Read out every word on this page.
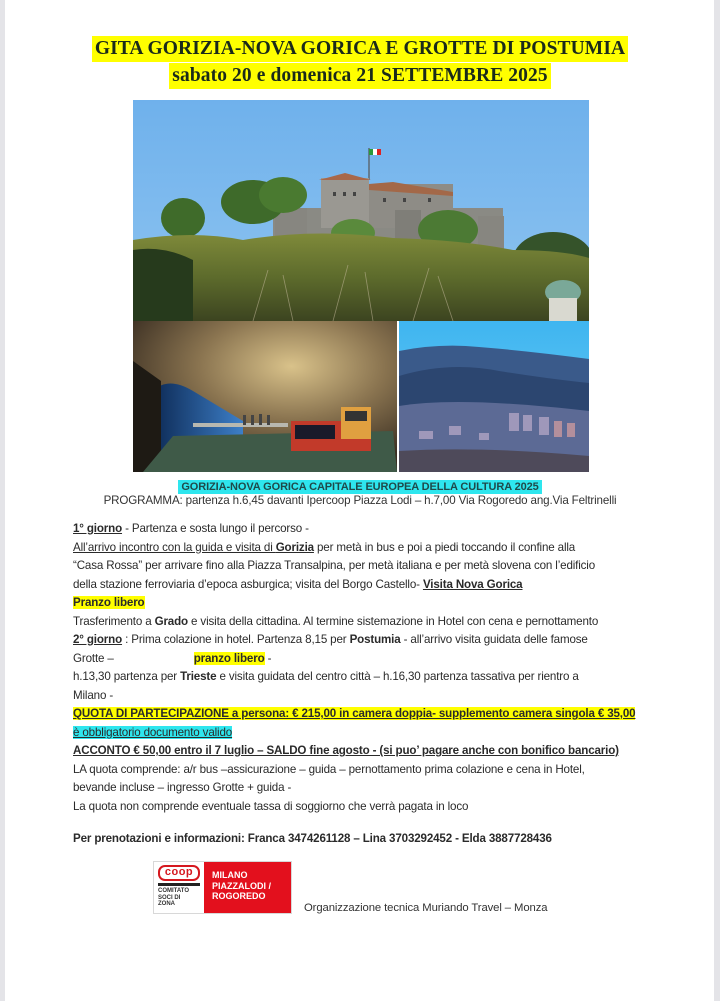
GITA GORIZIA-NOVA GORICA E GROTTE DI POSTUMIA
sabato 20 e domenica 21 SETTEMBRE 2025
GORIZIA-NOVA GORICA CAPITALE EUROPEA DELLA CULTURA 2025
PROGRAMMA: partenza h.6,45 davanti Ipercoop Piazza Lodi – h.7,00 Via Rogoredo ang.Via Feltrinelli

1° giorno - Partenza e sosta lungo il percorso -

All’arrivo incontro con la guida e visita di Gorizia per metà in bus e poi a piedi toccando il confine alla

“Casa Rossa” per arrivare fino alla Piazza Transalpina, per metà italiana e per metà slovena con l’edificio

della stazione ferroviaria d’epoca asburgica; visita del Borgo Castello- Visita Nova Gorica

Pranzo libero

Trasferimento a Grado e visita della cittadina. Al termine sistemazione in Hotel con cena e pernottamento

2° giorno : Prima colazione in hotel. Partenza 8,15 per Postumia - all’arrivo visita guidata delle famose

Grotte –	pranzo libero -

h.13,30 partenza per Trieste e visita guidata del centro città – h.16,30 partenza tassativa per rientro a

Milano -

QUOTA DI PARTECIPAZIONE a persona: € 215,00 in camera doppia- supplemento camera singola € 35,00

è obbligatorio documento valido

ACCONTO € 50,00 entro il 7 luglio – SALDO fine agosto - (si puo’ pagare anche con bonifico bancario)

LA quota comprende: a/r bus –assicurazione – guida – pernottamento prima colazione e cena in Hotel,

bevande incluse – ingresso Grotte + guida -

La quota non comprende eventuale tassa di soggiorno che verrà pagata in loco

Per prenotazioni e informazioni: Franca 3474261128 – Lina 3703292452 - Elda 3887728436
coop
COMITATO
SOCI DI
ZONA
MILANO
PIAZZALODI /
ROGOREDO
Organizzazione tecnica Muriando Travel – Monza
